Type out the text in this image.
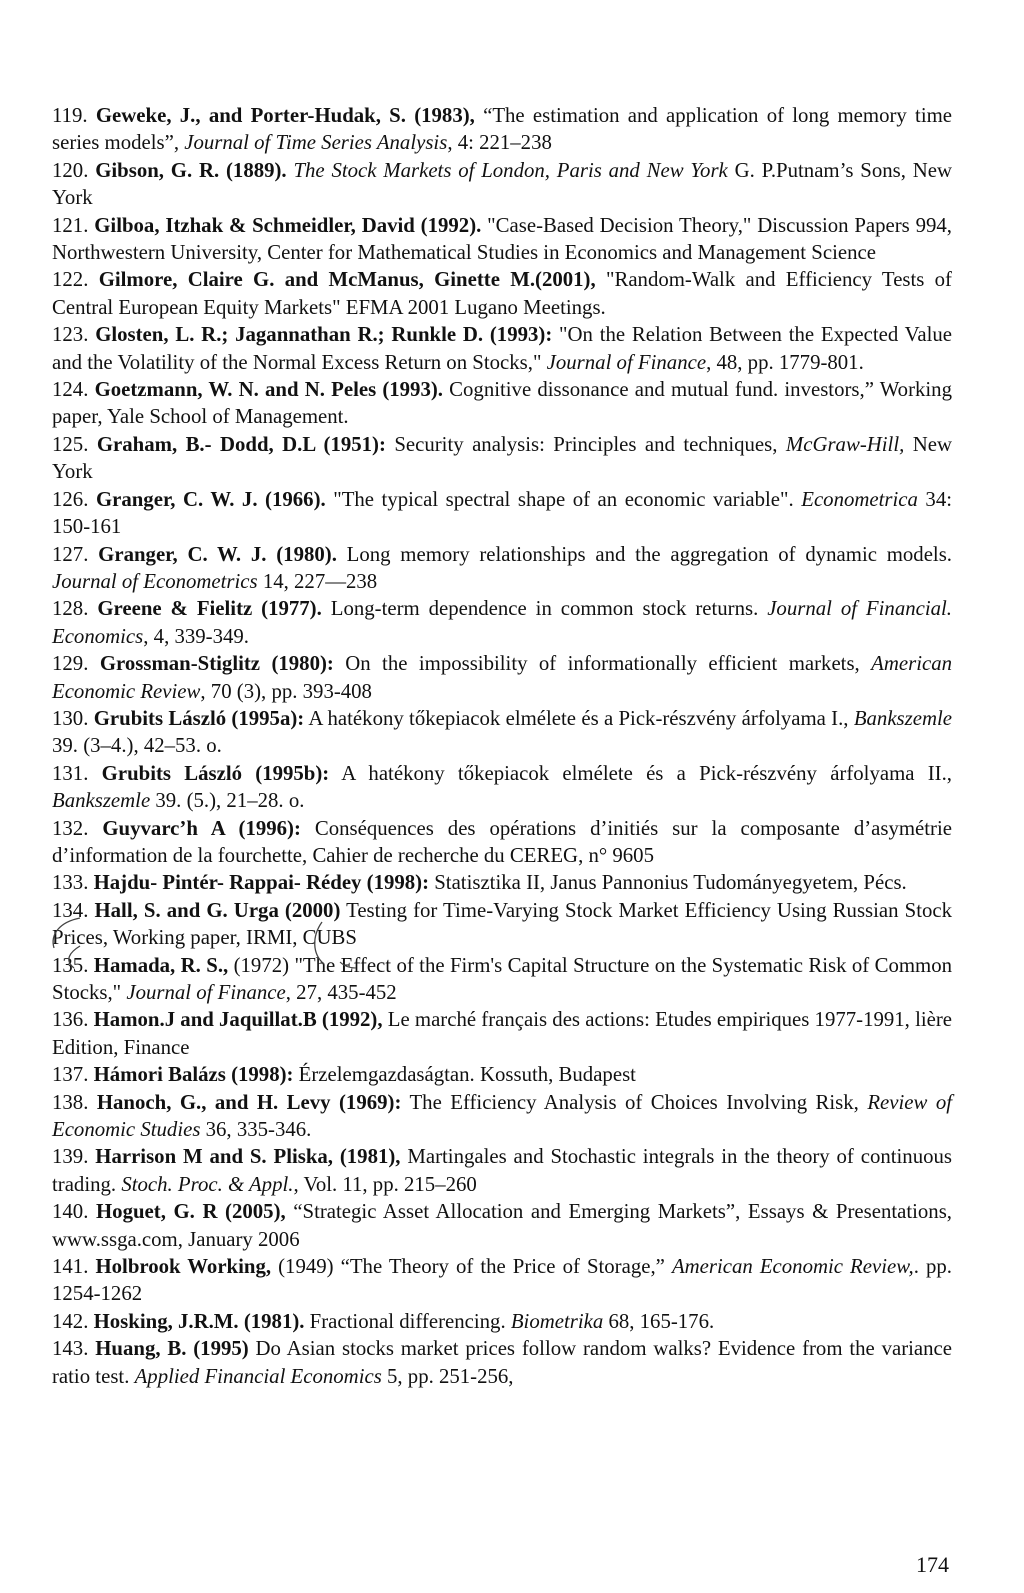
119. Geweke, J., and Porter-Hudak, S. (1983), “The estimation and application of long memory time series models”, Journal of Time Series Analysis, 4: 221–238

120. Gibson, G. R. (1889). The Stock Markets of London, Paris and New York G. P.Putnam’s Sons, New York

121. Gilboa, Itzhak & Schmeidler, David (1992). "Case-Based Decision Theory," Discussion Papers 994, Northwestern University, Center for Mathematical Studies in Economics and Management Science

122. Gilmore, Claire G. and McManus, Ginette M.(2001), "Random-Walk and Efficiency Tests of Central European Equity Markets" EFMA 2001 Lugano Meetings.

123. Glosten, L. R.; Jagannathan R.; Runkle D. (1993): "On the Relation Between the Expected Value and the Volatility of the Normal Excess Return on Stocks," Journal of Finance, 48, pp. 1779-801.

124. Goetzmann, W. N. and N. Peles (1993). Cognitive dissonance and mutual fund. investors,” Working paper, Yale School of Management.

125. Graham, B.- Dodd, D.L (1951): Security analysis: Principles and techniques, McGraw-Hill, New York

126. Granger, C. W. J. (1966). "The typical spectral shape of an economic variable". Econometrica 34: 150-161

127. Granger, C. W. J. (1980). Long memory relationships and the aggregation of dynamic models. Journal of Econometrics 14, 227—238

128. Greene & Fielitz (1977). Long-term dependence in common stock returns. Journal of Financial. Economics, 4, 339-349.

129. Grossman-Stiglitz (1980): On the impossibility of informationally efficient markets, American Economic Review, 70 (3), pp. 393-408

130. Grubits László (1995a): A hatékony tőkepiacok elmélete és a Pick-részvény árfolyama I., Bankszemle 39. (3–4.), 42–53. o.

131. Grubits László (1995b): A hatékony tőkepiacok elmélete és a Pick-részvény árfolyama II., Bankszemle 39. (5.), 21–28. o.

132. Guyvarc’h A (1996): Conséquences des opérations d’initiés sur la composante d’asymétrie d’information de la fourchette, Cahier de recherche du CEREG, n° 9605

133. Hajdu- Pintér- Rappai- Rédey (1998): Statisztika II, Janus Pannonius Tudományegyetem, Pécs.

134. Hall, S. and G. Urga (2000) Testing for Time-Varying Stock Market Efficiency Using Russian Stock Prices, Working paper, IRMI, CUBS

135. Hamada, R. S., (1972) "The Effect of the Firm's Capital Structure on the Systematic Risk of Common Stocks," Journal of Finance, 27, 435-452

136. Hamon.J and Jaquillat.B (1992), Le marché français des actions: Etudes empiriques 1977-1991, lière Edition, Finance

137. Hámori Balázs (1998): Érzelemgazdaságtan. Kossuth, Budapest

138. Hanoch, G., and H. Levy (1969): The Efficiency Analysis of Choices Involving Risk, Review of Economic Studies 36, 335-346.

139. Harrison M and S. Pliska, (1981), Martingales and Stochastic integrals in the theory of continuous trading. Stoch. Proc. & Appl., Vol. 11, pp. 215–260

140. Hoguet, G. R (2005), “Strategic Asset Allocation and Emerging Markets”, Essays & Presentations, www.ssga.com, January 2006

141. Holbrook Working, (1949) “The Theory of the Price of Storage,” American Economic Review,. pp. 1254-1262

142. Hosking, J.R.M. (1981). Fractional differencing. Biometrika 68, 165-176.

143. Huang, B. (1995) Do Asian stocks market prices follow random walks? Evidence from the variance ratio test. Applied Financial Economics 5, pp. 251-256,

174
